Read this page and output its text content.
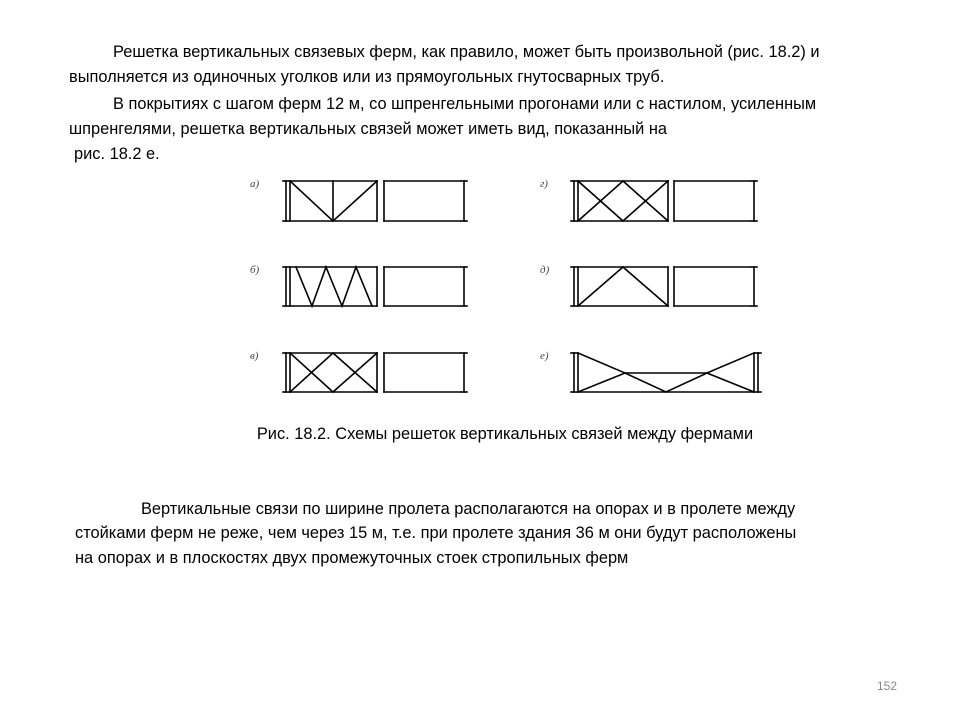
Решетка вертикальных связевых ферм, как правило, может быть произвольной (рис. 18.2) и

выполняется из одиночных уголков или из прямоугольных гнутосварных труб.

В покрытиях с шагом ферм 12 м, со шпренгельными прогонами или с настилом, усиленным

шпренгелями, решетка вертикальных связей может иметь вид, показанный на

рис. 18.2 е.

а)
б)
в)
г)
д)
е)

Рис. 18.2. Схемы решеток вертикальных связей между фермами

Вертикальные связи по ширине пролета располагаются на опорах и в пролете между

стойками ферм не реже, чем через 15 м, т.е. при пролете здания 36 м они будут расположены

на опорах и в плоскостях двух промежуточных стоек стропильных ферм

152
